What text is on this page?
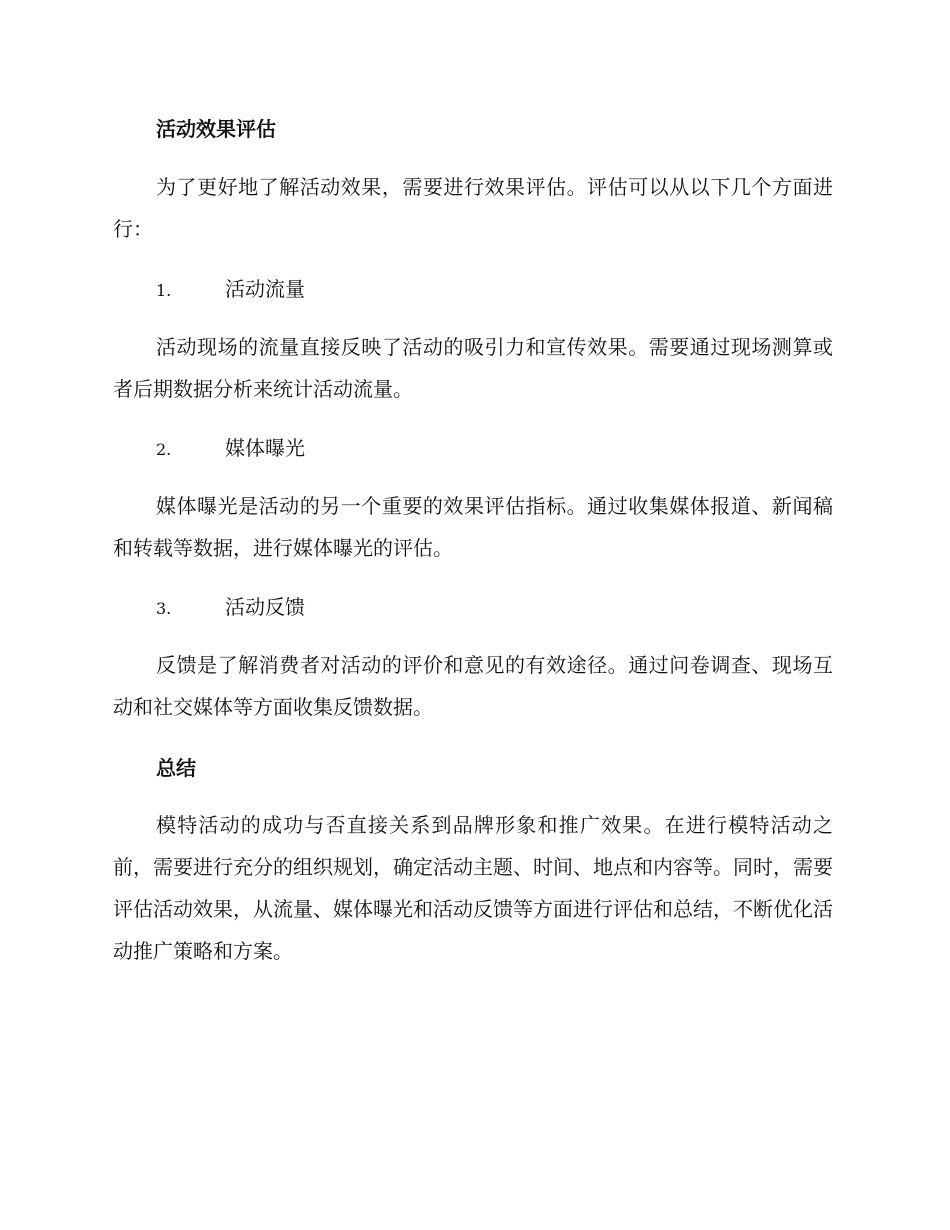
活动效果评估

为了更好地了解活动效果，需要进行效果评估。评估可以从以下几个方面进行：

1.	活动流量

活动现场的流量直接反映了活动的吸引力和宣传效果。需要通过现场测算或者后期数据分析来统计活动流量。

2.	媒体曝光

媒体曝光是活动的另一个重要的效果评估指标。通过收集媒体报道、新闻稿和转载等数据，进行媒体曝光的评估。

3.	活动反馈

反馈是了解消费者对活动的评价和意见的有效途径。通过问卷调查、现场互动和社交媒体等方面收集反馈数据。

总结

模特活动的成功与否直接关系到品牌形象和推广效果。在进行模特活动之前，需要进行充分的组织规划，确定活动主题、时间、地点和内容等。同时，需要评估活动效果，从流量、媒体曝光和活动反馈等方面进行评估和总结，不断优化活动推广策略和方案。
